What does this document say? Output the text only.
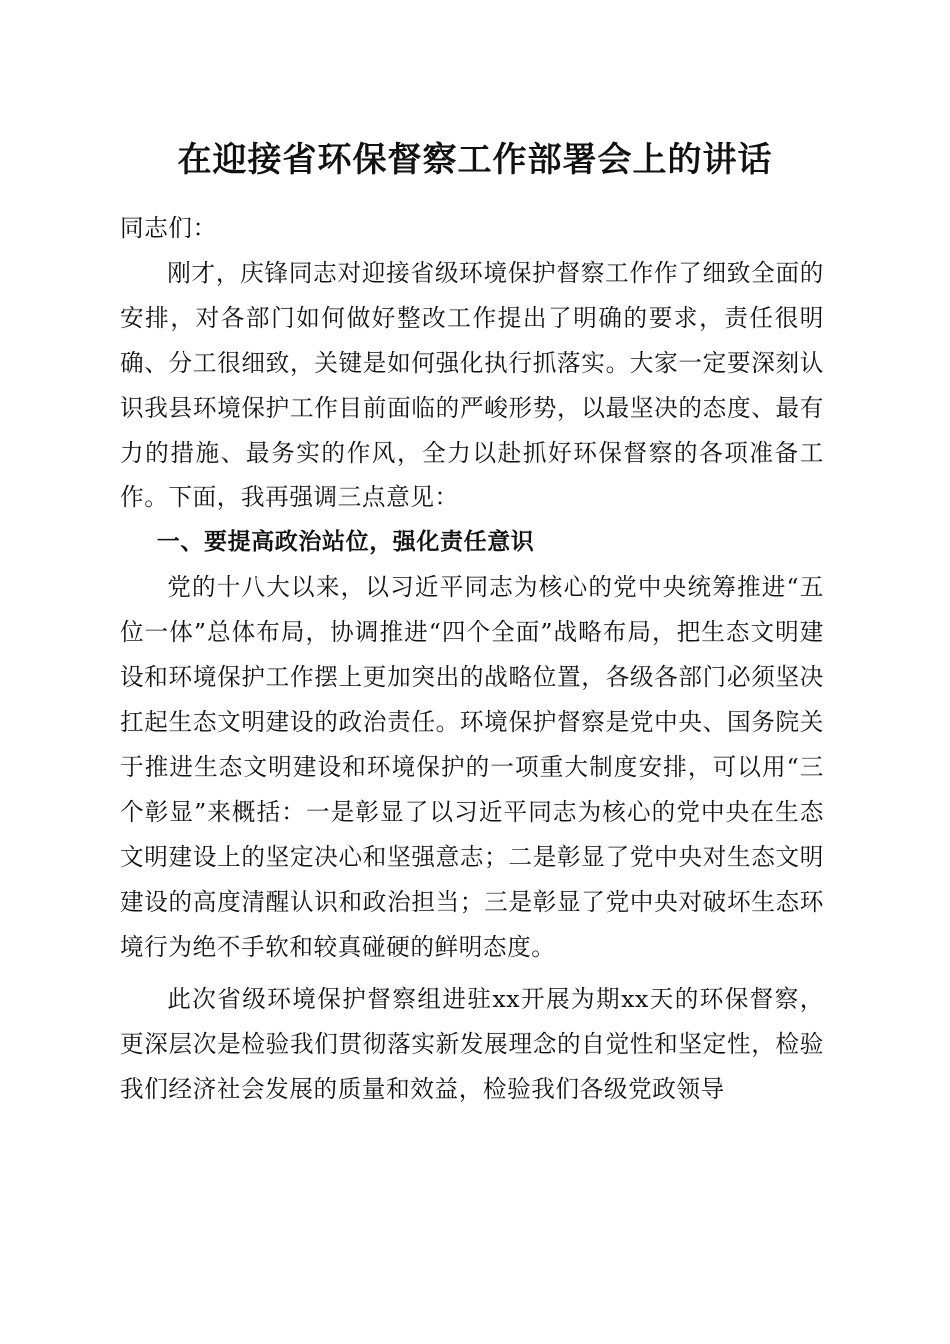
在迎接省环保督察工作部署会上的讲话

同志们：

刚才，庆锋同志对迎接省级环境保护督察工作作了细致全面的安排，对各部门如何做好整改工作提出了明确的要求，责任很明确、分工很细致，关键是如何强化执行抓落实。大家一定要深刻认识我县环境保护工作目前面临的严峻形势，以最坚决的态度、最有力的措施、最务实的作风，全力以赴抓好环保督察的各项准备工作。下面，我再强调三点意见：

一、要提高政治站位，强化责任意识

党的十八大以来，以习近平同志为核心的党中央统筹推进“五位一体”总体布局，协调推进“四个全面”战略布局，把生态文明建设和环境保护工作摆上更加突出的战略位置，各级各部门必须坚决扛起生态文明建设的政治责任。环境保护督察是党中央、国务院关于推进生态文明建设和环境保护的一项重大制度安排，可以用“三个彰显”来概括：一是彰显了以习近平同志为核心的党中央在生态文明建设上的坚定决心和坚强意志；二是彰显了党中央对生态文明建设的高度清醒认识和政治担当；三是彰显了党中央对破坏生态环境行为绝不手软和较真碰硬的鲜明态度。

此次省级环境保护督察组进驻xx开展为期xx天的环保督察，更深层次是检验我们贯彻落实新发展理念的自觉性和坚定性，检验我们经济社会发展的质量和效益，检验我们各级党政领导
